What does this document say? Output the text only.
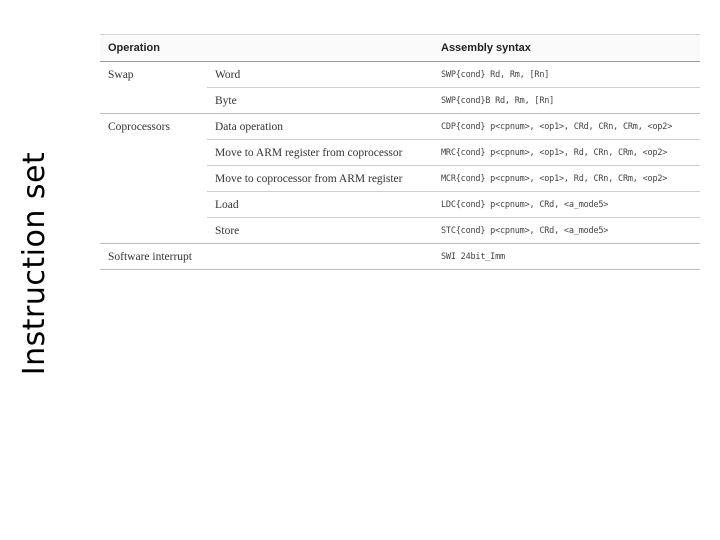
Instruction set
Operation		Assembly syntax
Swap	Word	SWP{cond} Rd, Rm, [Rn]
	Byte	SWP{cond}B Rd, Rm, [Rn]
Coprocessors	Data operation	CDP{cond} p<cpnum>, <op1>, CRd, CRn, CRm, <op2>
	Move to ARM register from coprocessor	MRC{cond} p<cpnum>, <op1>, Rd, CRn, CRm, <op2>
	Move to coprocessor from ARM register	MCR{cond} p<cpnum>, <op1>, Rd, CRn, CRm, <op2>
	Load	LDC{cond} p<cpnum>, CRd, <a_mode5>
	Store	STC{cond} p<cpnum>, CRd, <a_mode5>
Software interrupt		SWI 24bit_Imm
